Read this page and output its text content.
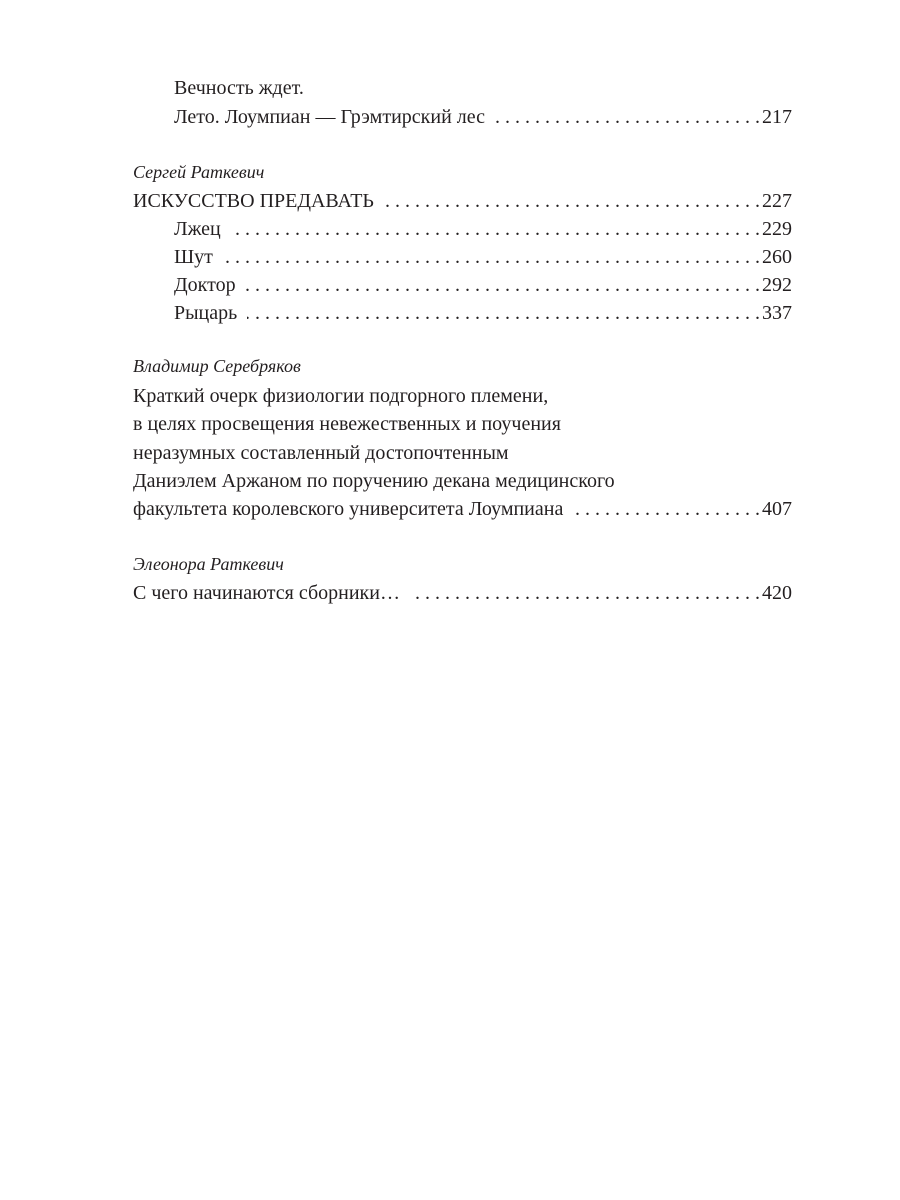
Вечность ждет.
Лето. Лоумпиан — Грэмтирский лес . . .	217
Сергей Раткевич
ИСКУССТВО ПРЕДАВАТЬ . . .	227
Лжец . . .	229
Шут . . .	260
Доктор . . .	292
Рыцарь . . .	337
Владимир Серебряков
Краткий очерк физиологии подгорного племени,
в целях просвещения невежественных и поучения
неразумных составленный достопочтенным
Даниэлем Аржаном по поручению декана медицинского
факультета королевского университета Лоумпиана . . .	407
Элеонора Раткевич
С чего начинаются сборники… . . .	420
